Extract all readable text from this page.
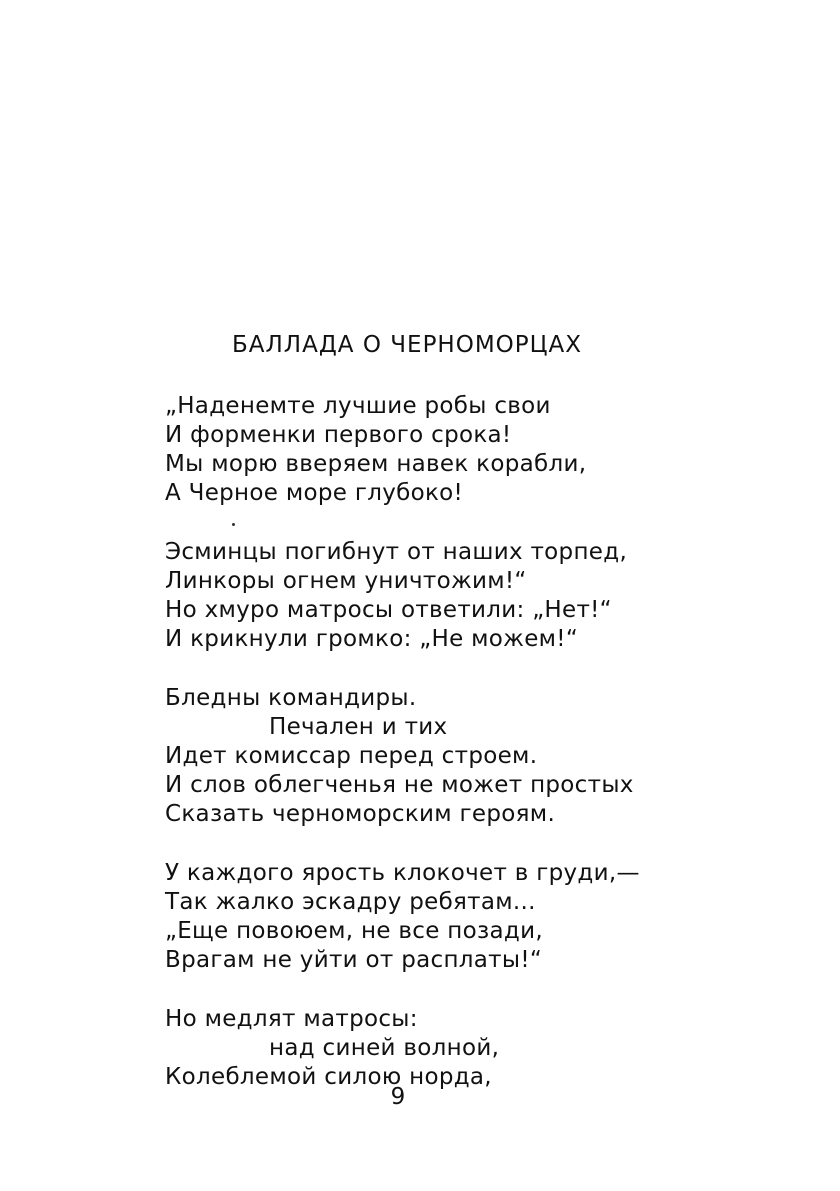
БАЛЛАДА О ЧЕРНОМОРЦАХ
„Наденемте лучшие робы свои
И форменки первого срока!
Мы морю вверяем навек корабли,
А Черное море глубоко!
Эсминцы погибнут от наших торпед,
Линкоры огнем уничтожим!“
Но хмуро матросы ответили: „Нет!“
И крикнули громко: „Не можем!“
Бледны командиры.
Печален и тих
Идет комиссар перед строем.
И слов облегченья не может простых
Сказать черноморским героям.
У каждого ярость клокочет в груди,—
Так жалко эскадру ребятам...
„Еще повоюем, не все позади,
Врагам не уйти от расплаты!“
Но медлят матросы:
над синей волной,
Колеблемой силою норда,
9
